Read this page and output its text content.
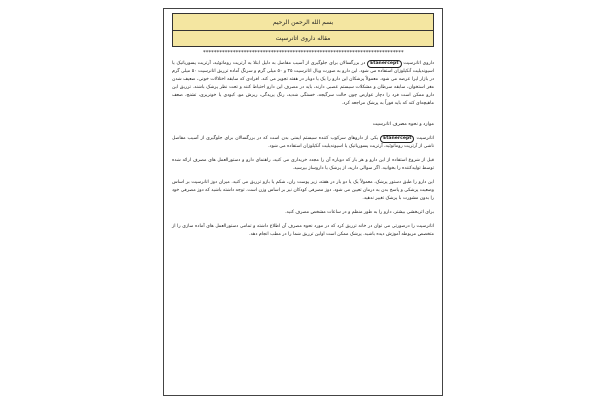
بسم الله الرحمن الرحیم
مقاله داروی اتانرسپت
**************************************************************************

داروی اتانرسپت Etanercept در بزرگسالان برای جلوگیری از آسیب مفاصل به دلیل ابتلا به آرتریت روماتوئید، آرتریت پسوریاتیک یا اسپوندیلیت آنکیلوزان استفاده می شود. این دارو به صورت ویال اتانرسپت ۲۵ و ۵۰ میلی گرم و سرنگ آماده تزریق اتانرسپت ۵۰ میلی گرم در بازار ایرا عرضه می شود. معمولاً پزشکان این دارو را یک یا دوبار در هفته تجویز می کند. افرادی که سابقه اختلالات خونی، ضعیف شدن مغز استخوان، سابقه سرطان و مشکلات سیستم عصبی دارند، باید در مصرف این دارو احتیاط کنند و تحت نظر پزشک باشند. تزریق این دارو ممکن است فرد را دچار عوارض چون حالت سرگیجه، خستگی شدید، رنگ پریدگی، ریزش مو، کبودی یا خونریزی، تشنج، ضعف ماهیچه‌ای کند که باید فوراً به پزشک مراجعه کرد.

موارد و نحوه مصرف اتانرسپت

اتانرسپت Etanercept یکی از داروهای سرکوب کننده سیستم ایمنی بدن است که در بزرگسالان برای جلوگیری از آسیب مفاصل ناشی از آرتریت روماتوئید، آرتریت پسوریاتیک یا اسپوندیلیت آنکیلوزان استفاده می شود.

قبل از شروع استفاده از این دارو و هر بار که دوباره آن را مجدد خریداری می کنید، راهنمای دارو و دستورالعمل های مصرف ارائه شده توسط تولیدکننده را بخوانید. اگر سوالی دارید، از پزشک یا داروساز بپرسید.

این دارو را طبق دستور پزشک، معمولاً یک یا دو بار در هفته، زیر پوست ران، شکم یا بازو تزریق می کنید. میزان دوز اتانرسپت بر اساس وضعیت پزشکی و پاسخ بدن به درمان تعیین می شود. دوز مصرفی کودکان نیز بر اساس وزن است. توجه داشته باشید که دوز مصرفی خود را بدون مشورت با پزشک تغییر ندهید.

برای اثربخشی بیشتر، دارو را به طور منظم و در ساعات مشخص مصرف کنید.

اتانرسپت را درصورتی می توان در خانه تزریق کرد که در مورد نحوه مصرف آن اطلاع داشته و تمامی دستورالعمل های آماده سازی را از متخصص مربوطه آموزش دیده باشید. پزشک ممکن است اولین تزریق شما را در مطب انجام دهد.
